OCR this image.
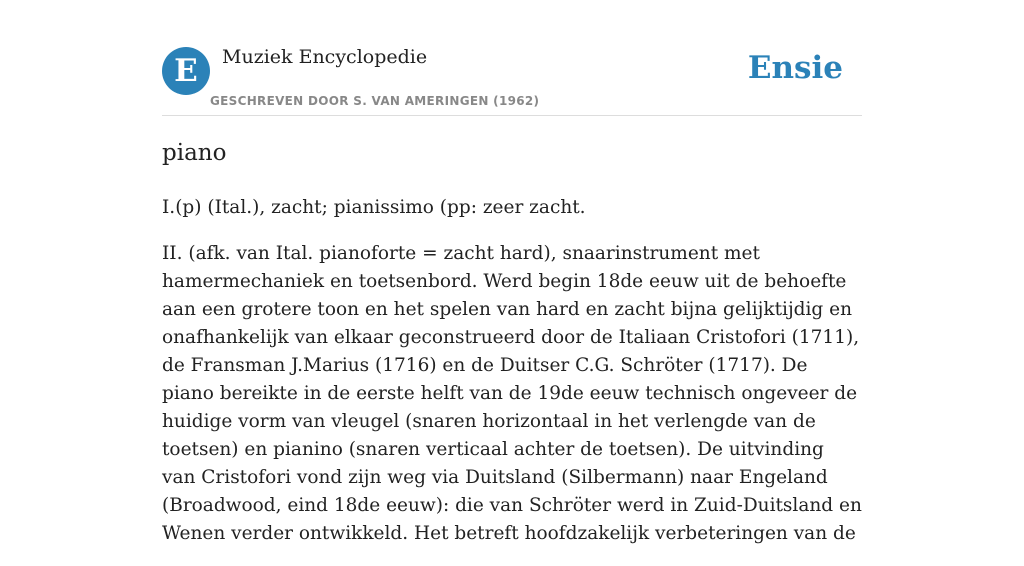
E	Muziek Encyclopedie
GESCHREVEN DOOR S. VAN AMERINGEN (1962)
Ensie
piano

I.(p) (Ital.), zacht; pianissimo (pp: zeer zacht.

II. (afk. van Ital. pianoforte = zacht hard), snaarinstrument met hamermechaniek en toetsenbord. Werd begin 18de eeuw uit de behoefte aan een grotere toon en het spelen van hard en zacht bijna gelijktijdig en onafhankelijk van elkaar geconstrueerd door de Italiaan Cristofori (1711), de Fransman J.Marius (1716) en de Duitser C.G. Schröter (1717). De piano bereikte in de eerste helft van de 19de eeuw technisch ongeveer de huidige vorm van vleugel (snaren horizontaal in het verlengde van de toetsen) en pianino (snaren verticaal achter de toetsen). De uitvinding van Cristofori vond zijn weg via Duitsland (Silbermann) naar Engeland (Broadwood, eind 18de eeuw): die van Schröter werd in Zuid-Duitsland en Wenen verder ontwikkeld. Het betreft hoofdzakelijk verbeteringen van de
